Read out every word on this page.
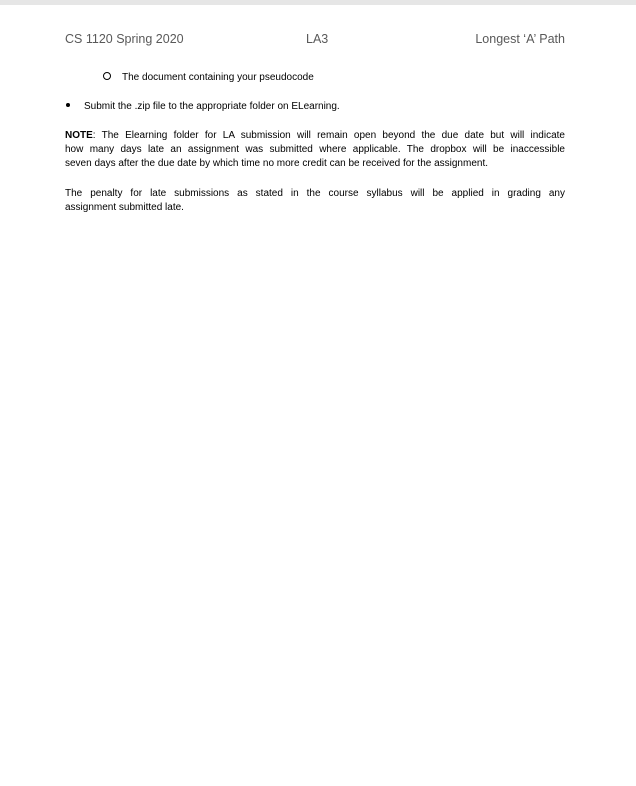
CS 1120 Spring 2020	LA3	Longest ‘A’ Path
The document containing your pseudocode
Submit the .zip file to the appropriate folder on ELearning.
NOTE: The Elearning folder for LA submission will remain open beyond the due date but will indicate
how many days late an assignment was submitted where applicable. The dropbox will be inaccessible
seven days after the due date by which time no more credit can be received for the assignment.
The penalty for late submissions as stated in the course syllabus will be applied in grading any
assignment submitted late.
